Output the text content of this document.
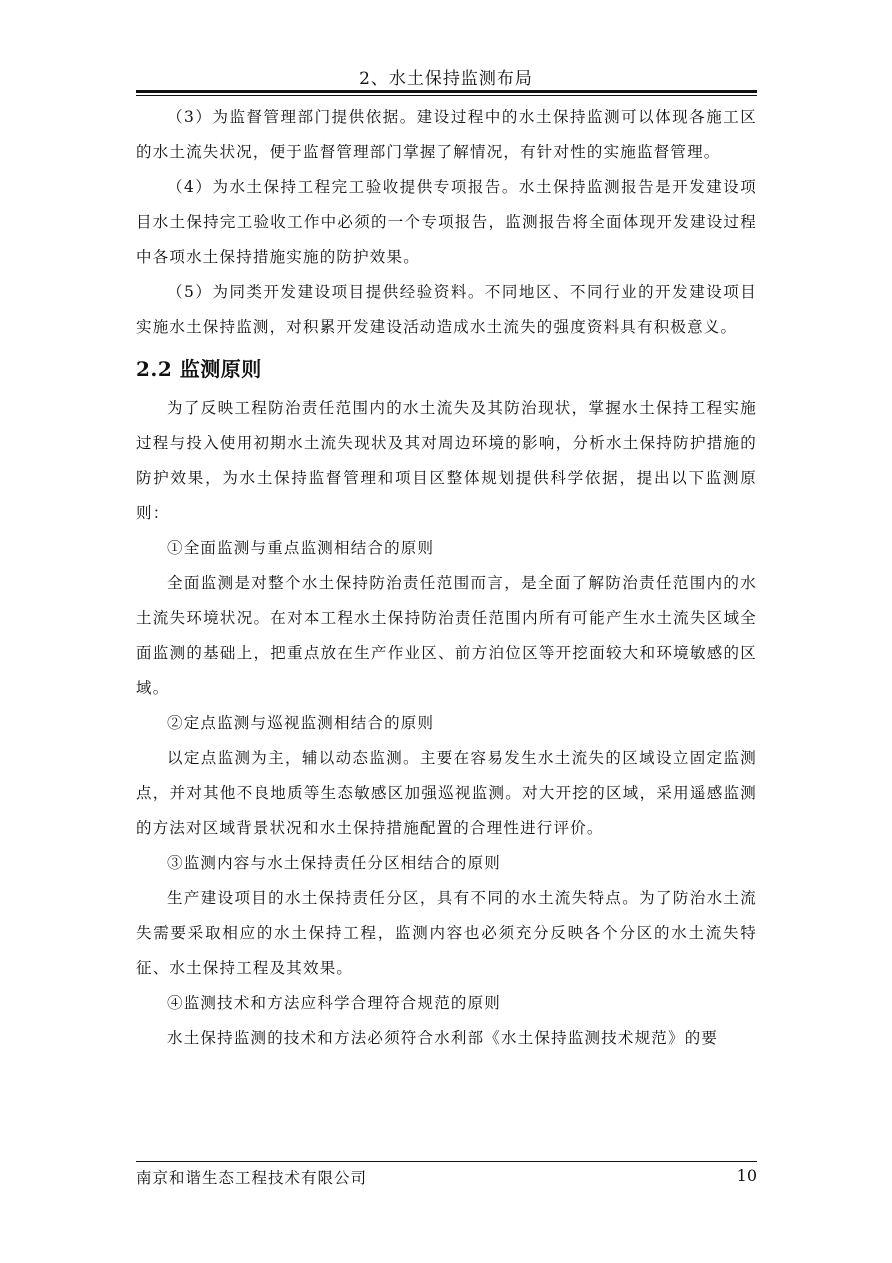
2、水土保持监测布局

（3）为监督管理部门提供依据。建设过程中的水土保持监测可以体现各施工区的水土流失状况，便于监督管理部门掌握了解情况，有针对性的实施监督管理。

（4）为水土保持工程完工验收提供专项报告。水土保持监测报告是开发建设项目水土保持完工验收工作中必须的一个专项报告，监测报告将全面体现开发建设过程中各项水土保持措施实施的防护效果。

（5）为同类开发建设项目提供经验资料。不同地区、不同行业的开发建设项目实施水土保持监测，对积累开发建设活动造成水土流失的强度资料具有积极意义。

2.2 监测原则

为了反映工程防治责任范围内的水土流失及其防治现状，掌握水土保持工程实施过程与投入使用初期水土流失现状及其对周边环境的影响，分析水土保持防护措施的防护效果，为水土保持监督管理和项目区整体规划提供科学依据，提出以下监测原则：

①全面监测与重点监测相结合的原则

全面监测是对整个水土保持防治责任范围而言，是全面了解防治责任范围内的水土流失环境状况。在对本工程水土保持防治责任范围内所有可能产生水土流失区域全面监测的基础上，把重点放在生产作业区、前方泊位区等开挖面较大和环境敏感的区域。

②定点监测与巡视监测相结合的原则

以定点监测为主，辅以动态监测。主要在容易发生水土流失的区域设立固定监测点，并对其他不良地质等生态敏感区加强巡视监测。对大开挖的区域，采用遥感监测的方法对区域背景状况和水土保持措施配置的合理性进行评价。

③监测内容与水土保持责任分区相结合的原则

生产建设项目的水土保持责任分区，具有不同的水土流失特点。为了防治水土流失需要采取相应的水土保持工程，监测内容也必须充分反映各个分区的水土流失特征、水土保持工程及其效果。

④监测技术和方法应科学合理符合规范的原则

水土保持监测的技术和方法必须符合水利部《水土保持监测技术规范》的要

南京和谐生态工程技术有限公司	10
